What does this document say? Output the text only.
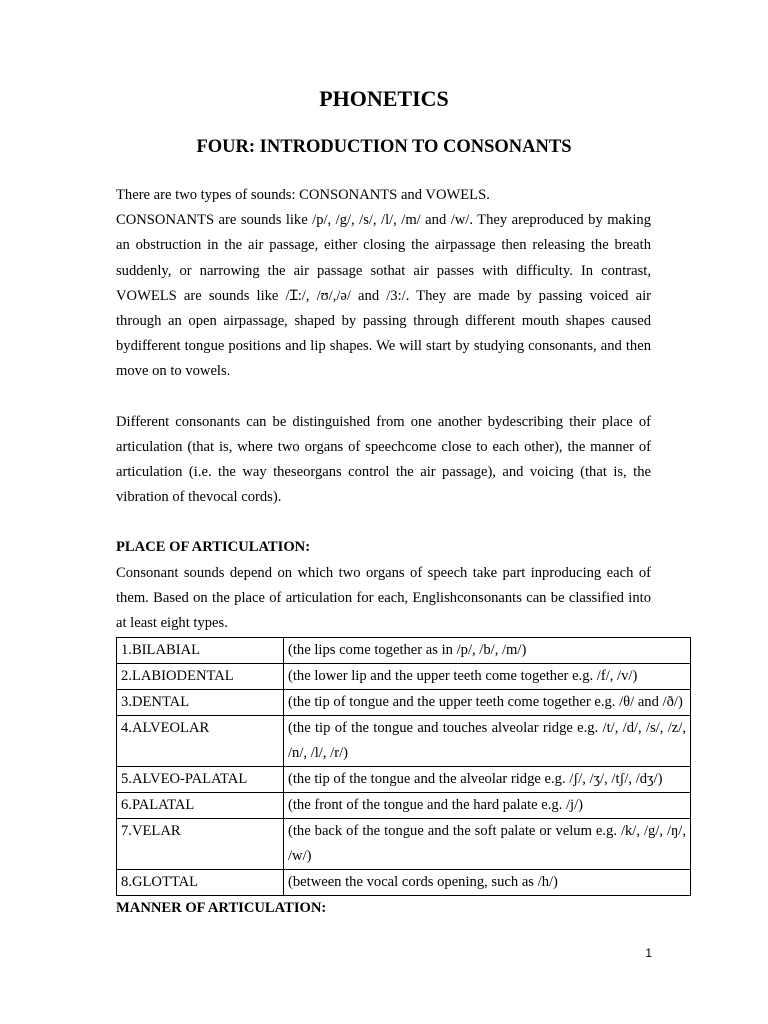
PHONETICS
FOUR: INTRODUCTION TO CONSONANTS

There are two types of sounds: CONSONANTS and VOWELS.

CONSONANTS are sounds like /p/, /g/, /s/, /l/, /m/ and /w/. They areproduced by making an obstruction in the air passage, either closing the airpassage then releasing the breath suddenly, or narrowing the air passage sothat air passes with difficulty. In contrast, VOWELS are sounds like /Ɪ:/, /ʊ/,/ə/ and /3:/. They are made by passing voiced air through an open airpassage, shaped by passing through different mouth shapes caused bydifferent tongue positions and lip shapes. We will start by studying consonants, and then move on to vowels.

Different consonants can be distinguished from one another bydescribing their place of articulation (that is, where two organs of speechcome close to each other), the manner of articulation (i.e. the way theseorgans control the air passage), and voicing (that is, the vibration of thevocal cords).

PLACE OF ARTICULATION:

Consonant sounds depend on which two organs of speech take part inproducing each of them. Based on the place of articulation for each, Englishconsonants can be classified into at least eight types.

1.BILABIAL	(the lips come together as in /p/, /b/, /m/)
2.LABIODENTAL	(the lower lip and the upper teeth come together e.g. /f/, /v/)
3.DENTAL	(the tip of tongue and the upper teeth come together e.g. /θ/ and /ð/)
4.ALVEOLAR	(the tip of the tongue and touches alveolar ridge e.g. /t/, /d/, /s/, /z/, /n/, /l/, /r/)
5.ALVEO-PALATAL	(the tip of the tongue and the alveolar ridge e.g. /ʃ/, /ʒ/, /tʃ/, /dʒ/)
6.PALATAL	(the front of the tongue and the hard palate e.g. /j/)
7.VELAR	(the back of the tongue and the soft palate or velum e.g. /k/, /g/, /ŋ/, /w/)
8.GLOTTAL	(between the vocal cords opening, such as /h/)

MANNER OF ARTICULATION:

1
